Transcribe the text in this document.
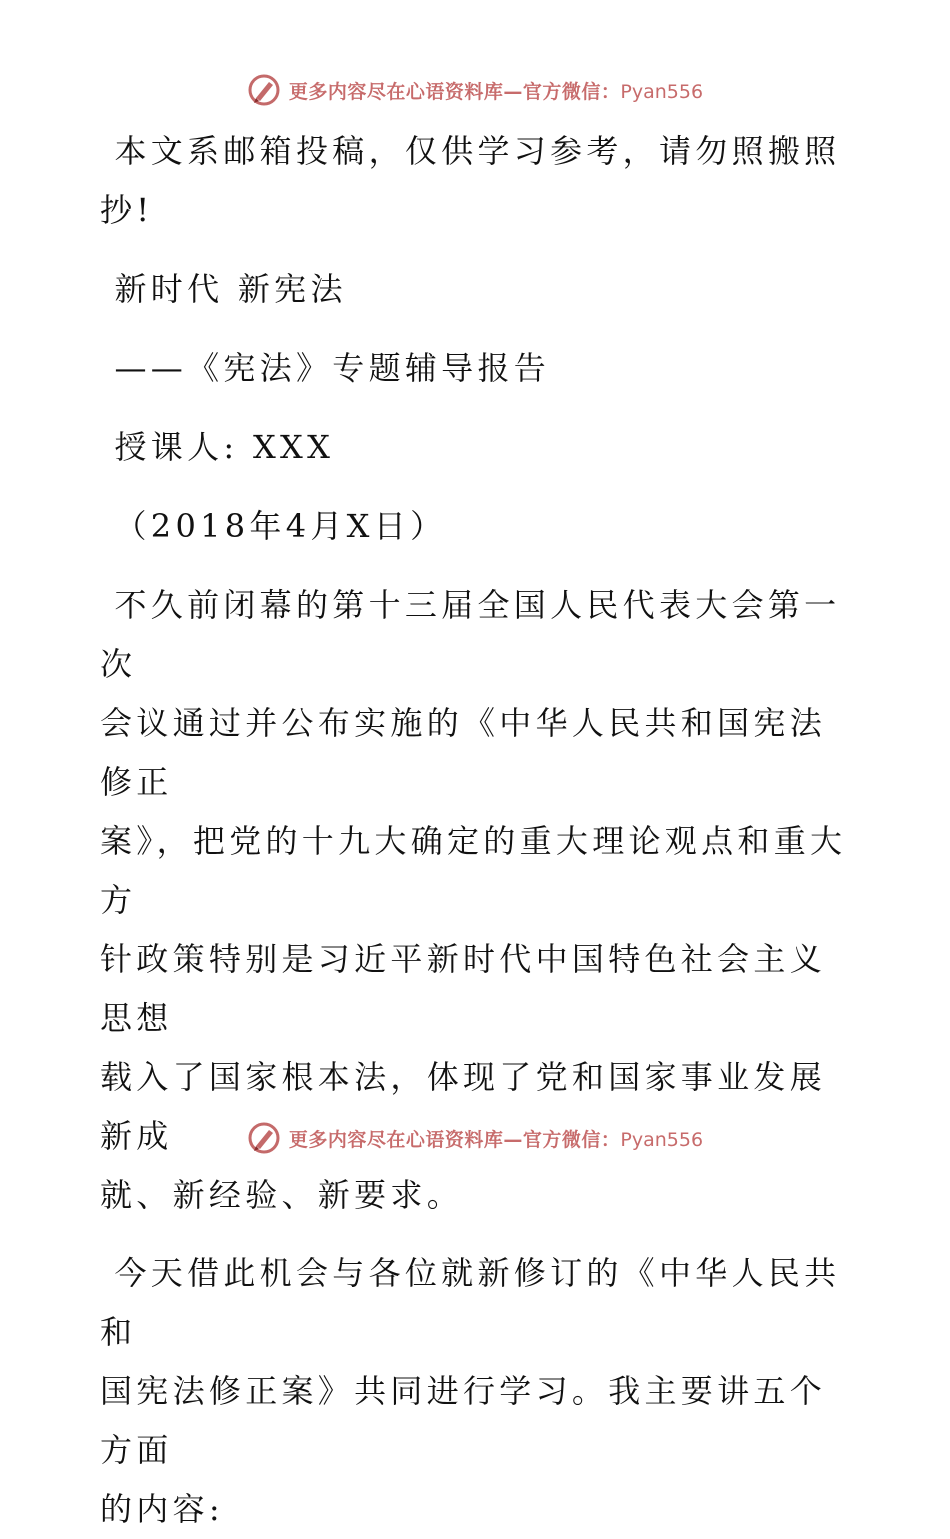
更多内容尽在心语资料库—官方微信：Pyan556

本文系邮箱投稿，仅供学习参考，请勿照搬照
抄!

新时代 新宪法

——《宪法》专题辅导报告

授课人: XXX

（2018年4月X日）

不久前闭幕的第十三届全国人民代表大会第一次
会议通过并公布实施的《中华人民共和国宪法修正
案》，把党的十九大确定的重大理论观点和重大方
针政策特别是习近平新时代中国特色社会主义思想
载入了国家根本法，体现了党和国家事业发展新成
就、新经验、新要求。

今天借此机会与各位就新修订的《中华人民共和
国宪法修正案》共同进行学习。我主要讲五个方面
的内容:

更多内容尽在心语资料库—官方微信：Pyan556
